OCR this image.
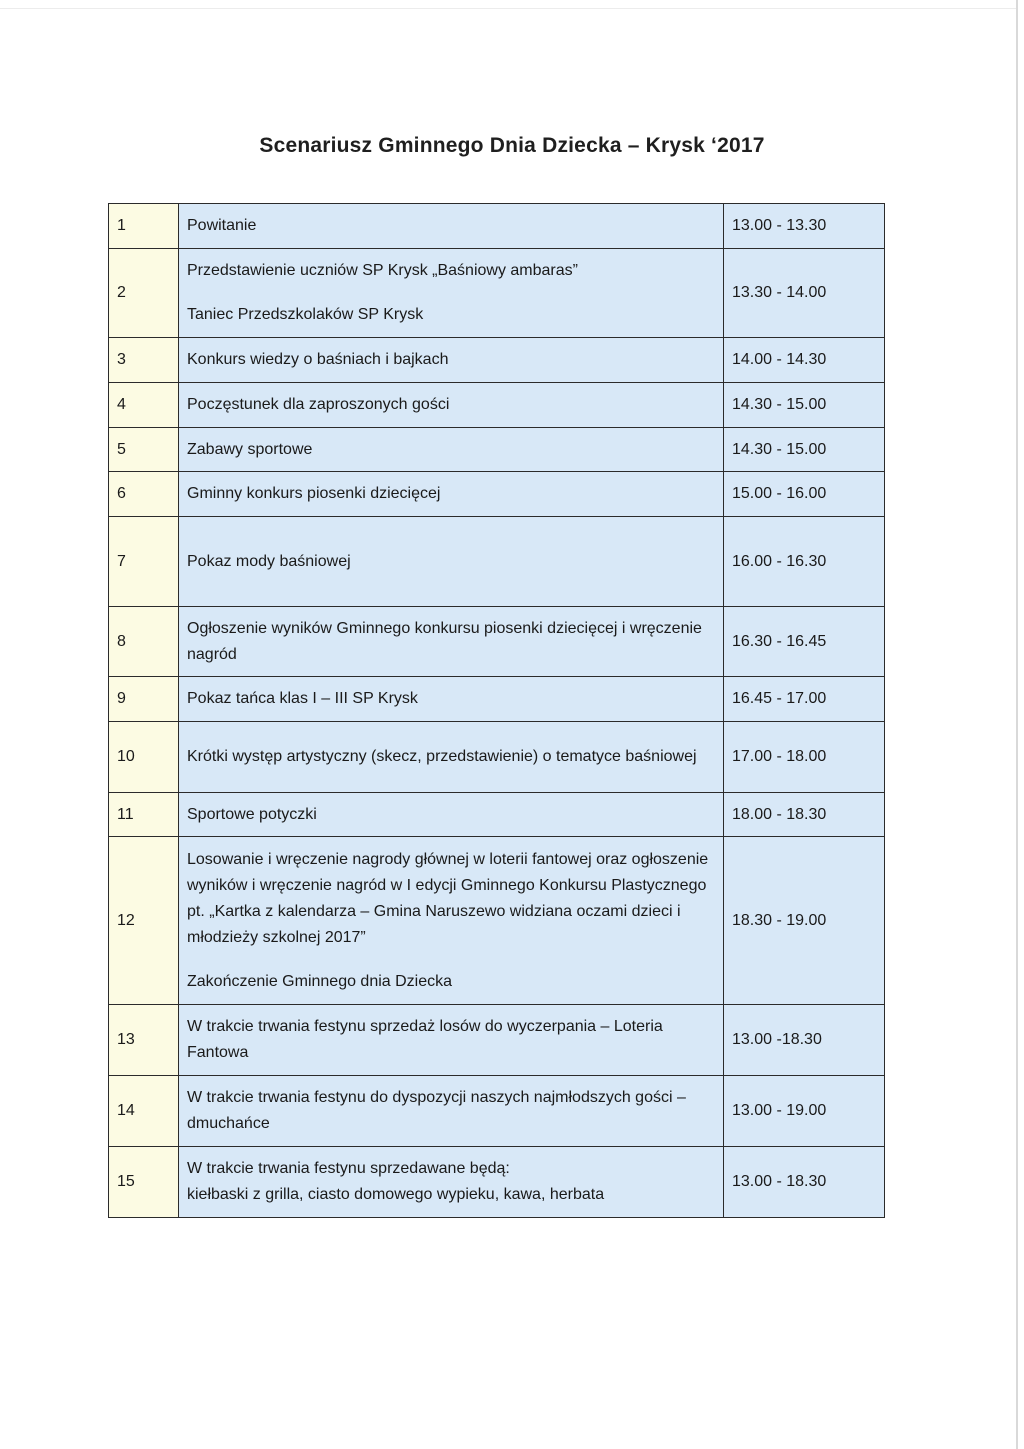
Scenariusz Gminnego Dnia Dziecka – Krysk ‘2017
1	Powitanie	13.00 - 13.30
2	Przedstawienie uczniów SP Krysk „Baśniowy ambaras”
Taniec Przedszkolaków SP Krysk	13.30 - 14.00
3	Konkurs wiedzy o baśniach i bajkach	14.00 - 14.30
4	Poczęstunek dla zaproszonych gości	14.30 - 15.00
5	Zabawy sportowe	14.30 - 15.00
6	Gminny konkurs piosenki dziecięcej	15.00 - 16.00
7	Pokaz mody baśniowej	16.00 - 16.30
8	Ogłoszenie wyników Gminnego konkursu piosenki dziecięcej i wręczenie nagród	16.30 - 16.45
9	Pokaz tańca klas I – III SP Krysk	16.45 - 17.00
10	Krótki występ artystyczny (skecz, przedstawienie) o tematyce baśniowej	17.00 - 18.00
11	Sportowe potyczki	18.00 - 18.30
12	Losowanie i wręczenie nagrody głównej w loterii fantowej oraz ogłoszenie wyników i wręczenie nagród w I edycji Gminnego Konkursu Plastycznego pt. „Kartka z kalendarza – Gmina Naruszewo widziana oczami dzieci i młodzieży szkolnej 2017”
Zakończenie Gminnego dnia Dziecka	18.30 - 19.00
13	W trakcie trwania festynu sprzedaż losów do wyczerpania – Loteria Fantowa	13.00 -18.30
14	W trakcie trwania festynu do dyspozycji naszych najmłodszych gości – dmuchańce	13.00 - 19.00
15	W trakcie trwania festynu sprzedawane będą:
kiełbaski z grilla, ciasto domowego wypieku, kawa, herbata	13.00 - 18.30
